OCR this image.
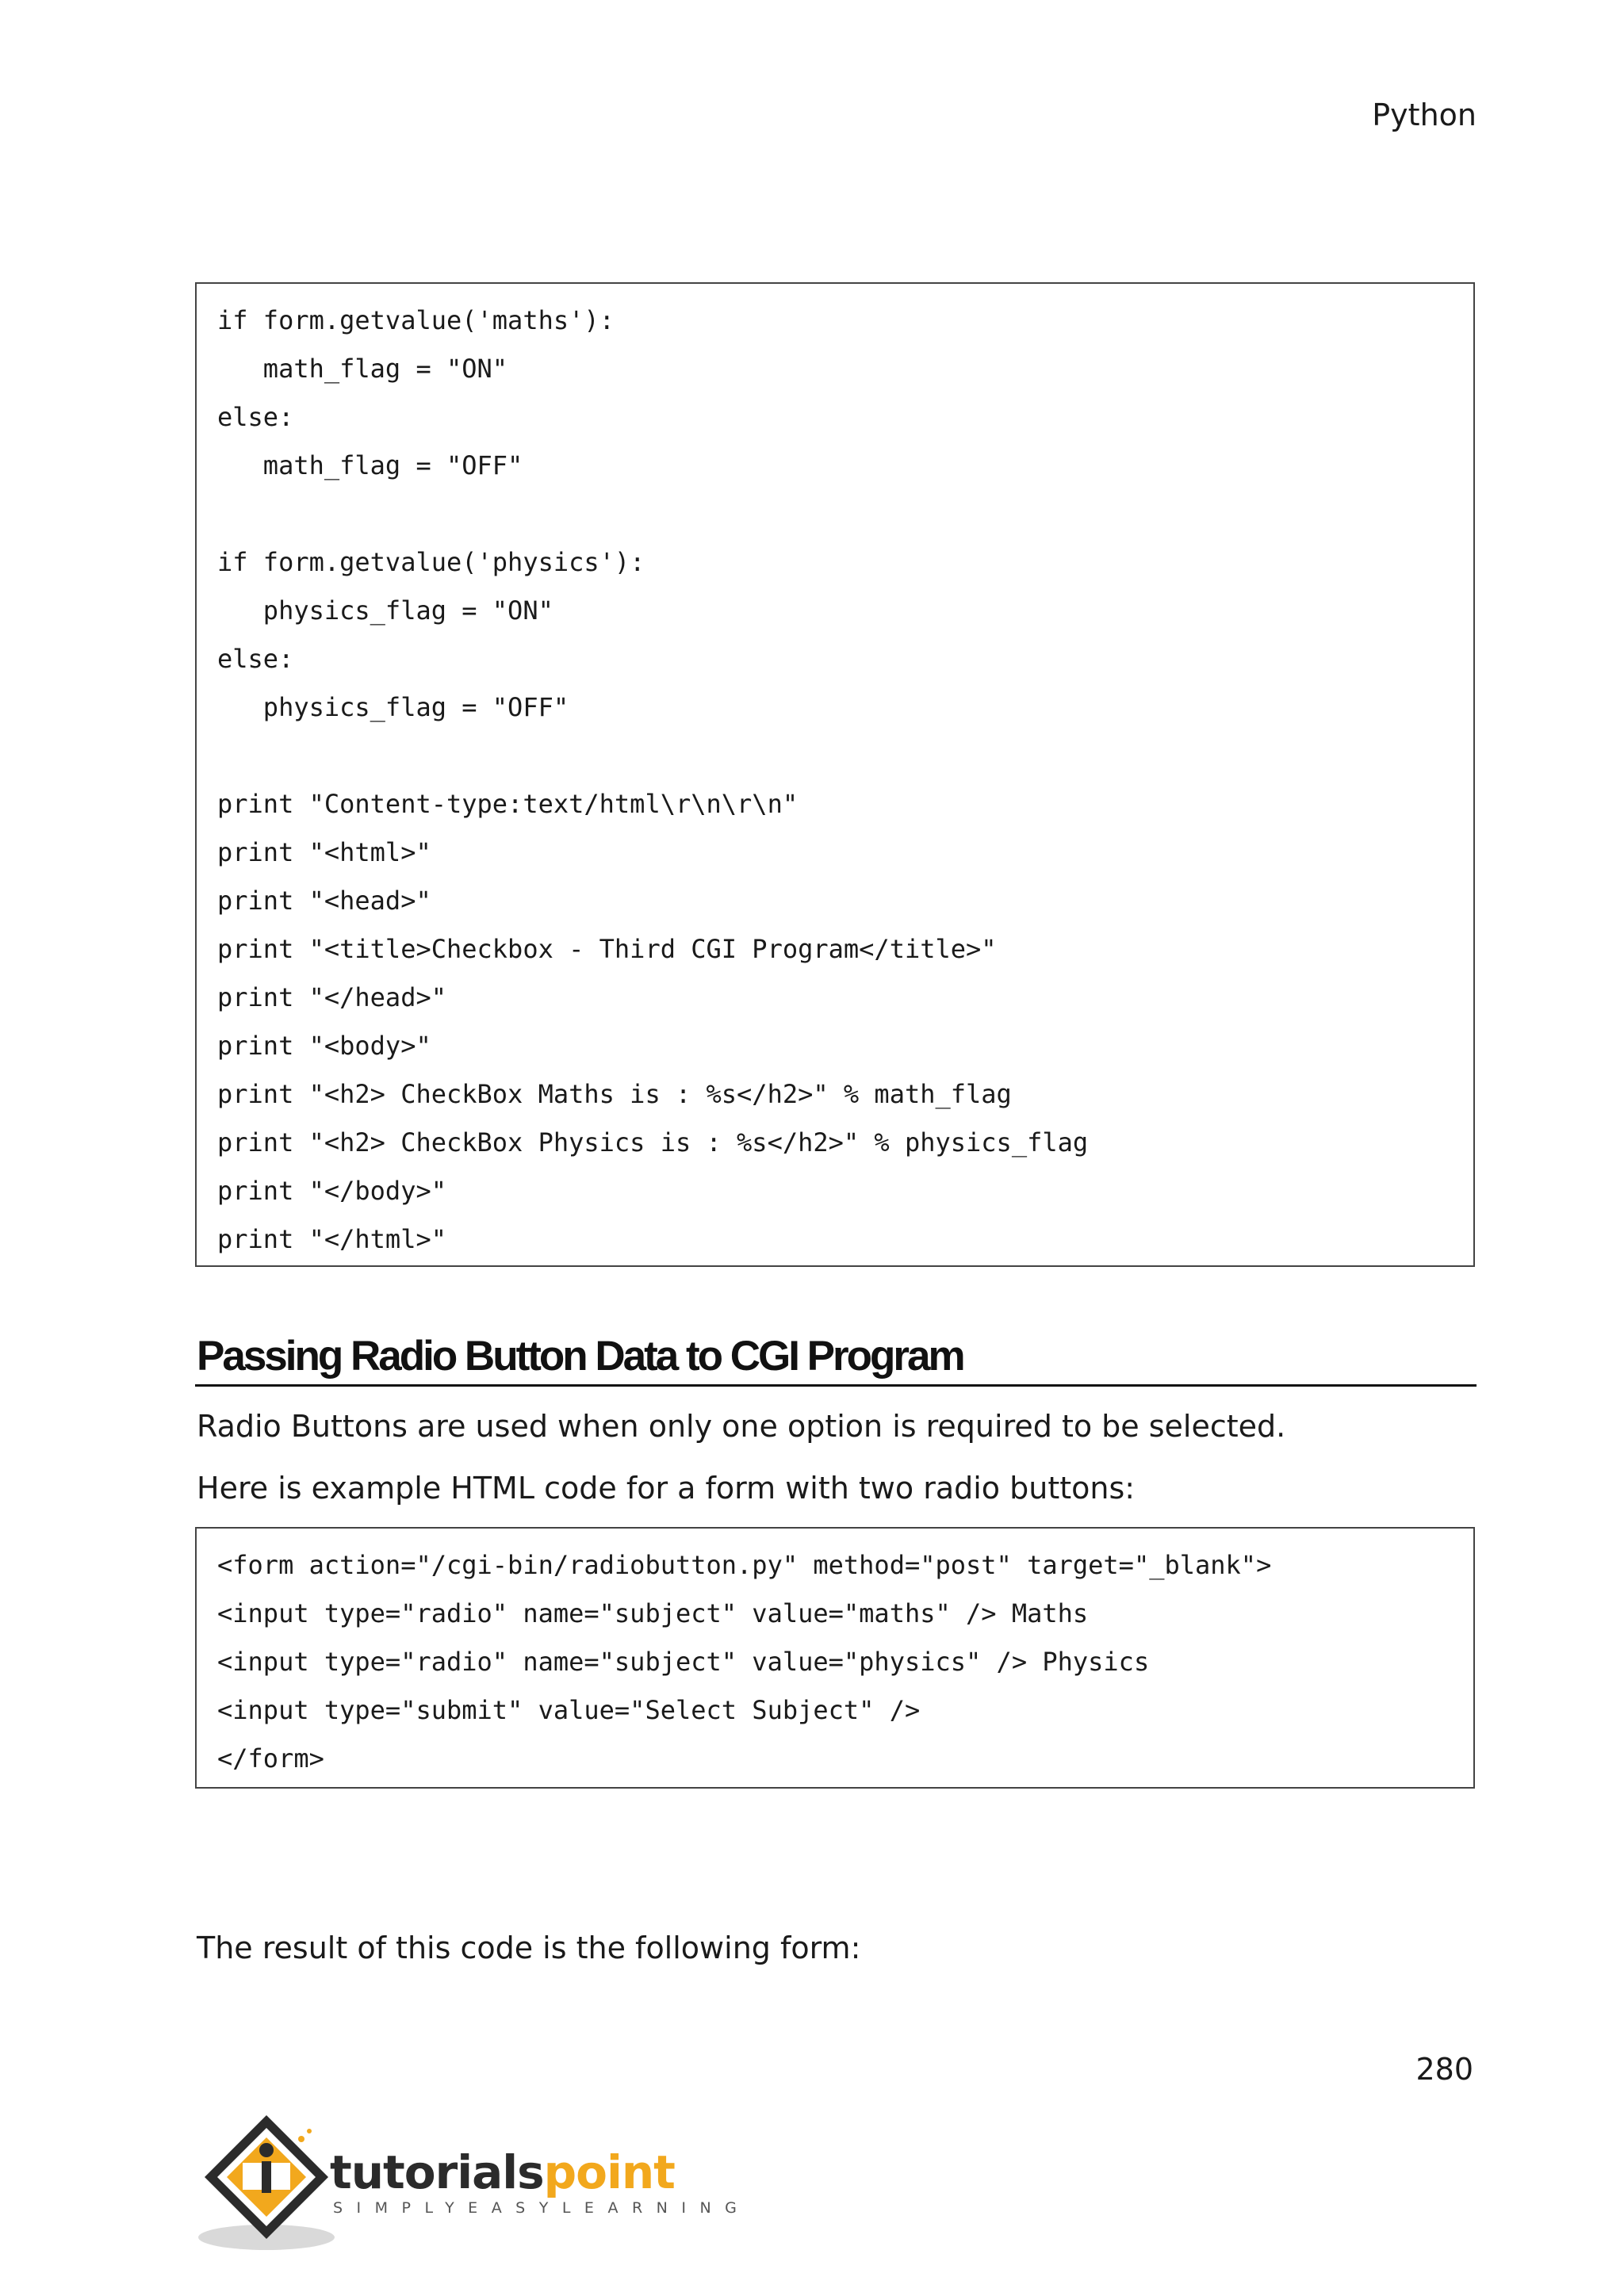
Python
if form.getvalue('maths'):
math_flag = "ON"
else:
math_flag = "OFF"
if form.getvalue('physics'):
physics_flag = "ON"
else:
physics_flag = "OFF"
print "Content-type:text/html\r\n\r\n"
print "<html>"
print "<head>"
print "<title>Checkbox - Third CGI Program</title>"
print "</head>"
print "<body>"
print "<h2> CheckBox Maths is : %s</h2>" % math_flag
print "<h2> CheckBox Physics is : %s</h2>" % physics_flag
print "</body>"
print "</html>"
Passing Radio Button Data to CGI Program
Radio Buttons are used when only one option is required to be selected.
Here is example HTML code for a form with two radio buttons:
<form action="/cgi-bin/radiobutton.py" method="post" target="_blank">
<input type="radio" name="subject" value="maths" /> Maths
<input type="radio" name="subject" value="physics" /> Physics
<input type="submit" value="Select Subject" />
</form>
The result of this code is the following form:
280
tutorialspoint
SIMPLYEASYLEARNING
